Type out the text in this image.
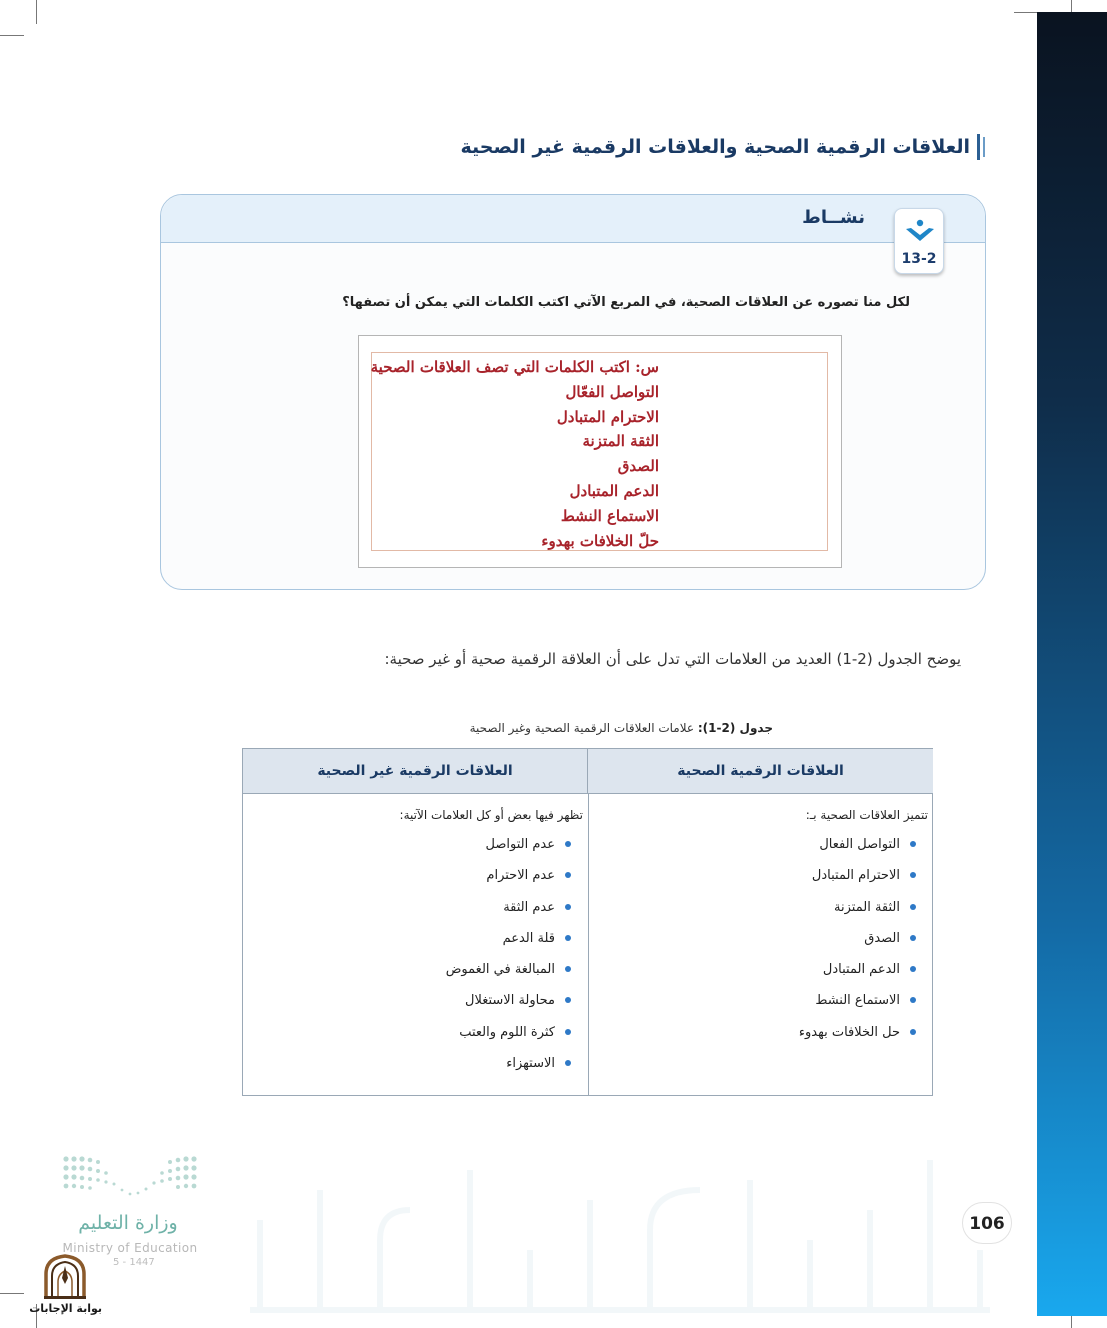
العلاقات الرقمية الصحية والعلاقات الرقمية غير الصحية
نشــاط
13-2

لكل منا تصوره عن العلاقات الصحية، في المربع الآتي اكتب الكلمات التي يمكن أن تصفها؟

س: اكتب الكلمات التي تصف العلاقات الصحية
التواصل الفعّال
الاحترام المتبادل
الثقة المتزنة
الصدق
الدعم المتبادل
الاستماع النشط
حلّ الخلافات بهدوء

يوضح الجدول (2-1) العديد من العلامات التي تدل على أن العلاقة الرقمية صحية أو غير صحية:

جدول (2-1): علامات العلاقات الرقمية الصحية وغير الصحية

العلاقات الرقمية الصحية
العلاقات الرقمية غير الصحية
تتميز العلاقات الصحية بـ:
التواصل الفعال
الاحترام المتبادل
الثقة المتزنة
الصدق
الدعم المتبادل
الاستماع النشط
حل الخلافات بهدوء
تظهر فيها بعض أو كل العلامات الآتية:
عدم التواصل
عدم الاحترام
عدم الثقة
قلة الدعم
المبالغة في الغموض
محاولة الاستغلال
كثرة اللوم والعتب
الاستهزاء
106
وزارة التعليم
Ministry of Education
5 - 1447
بوابة الإجابات
